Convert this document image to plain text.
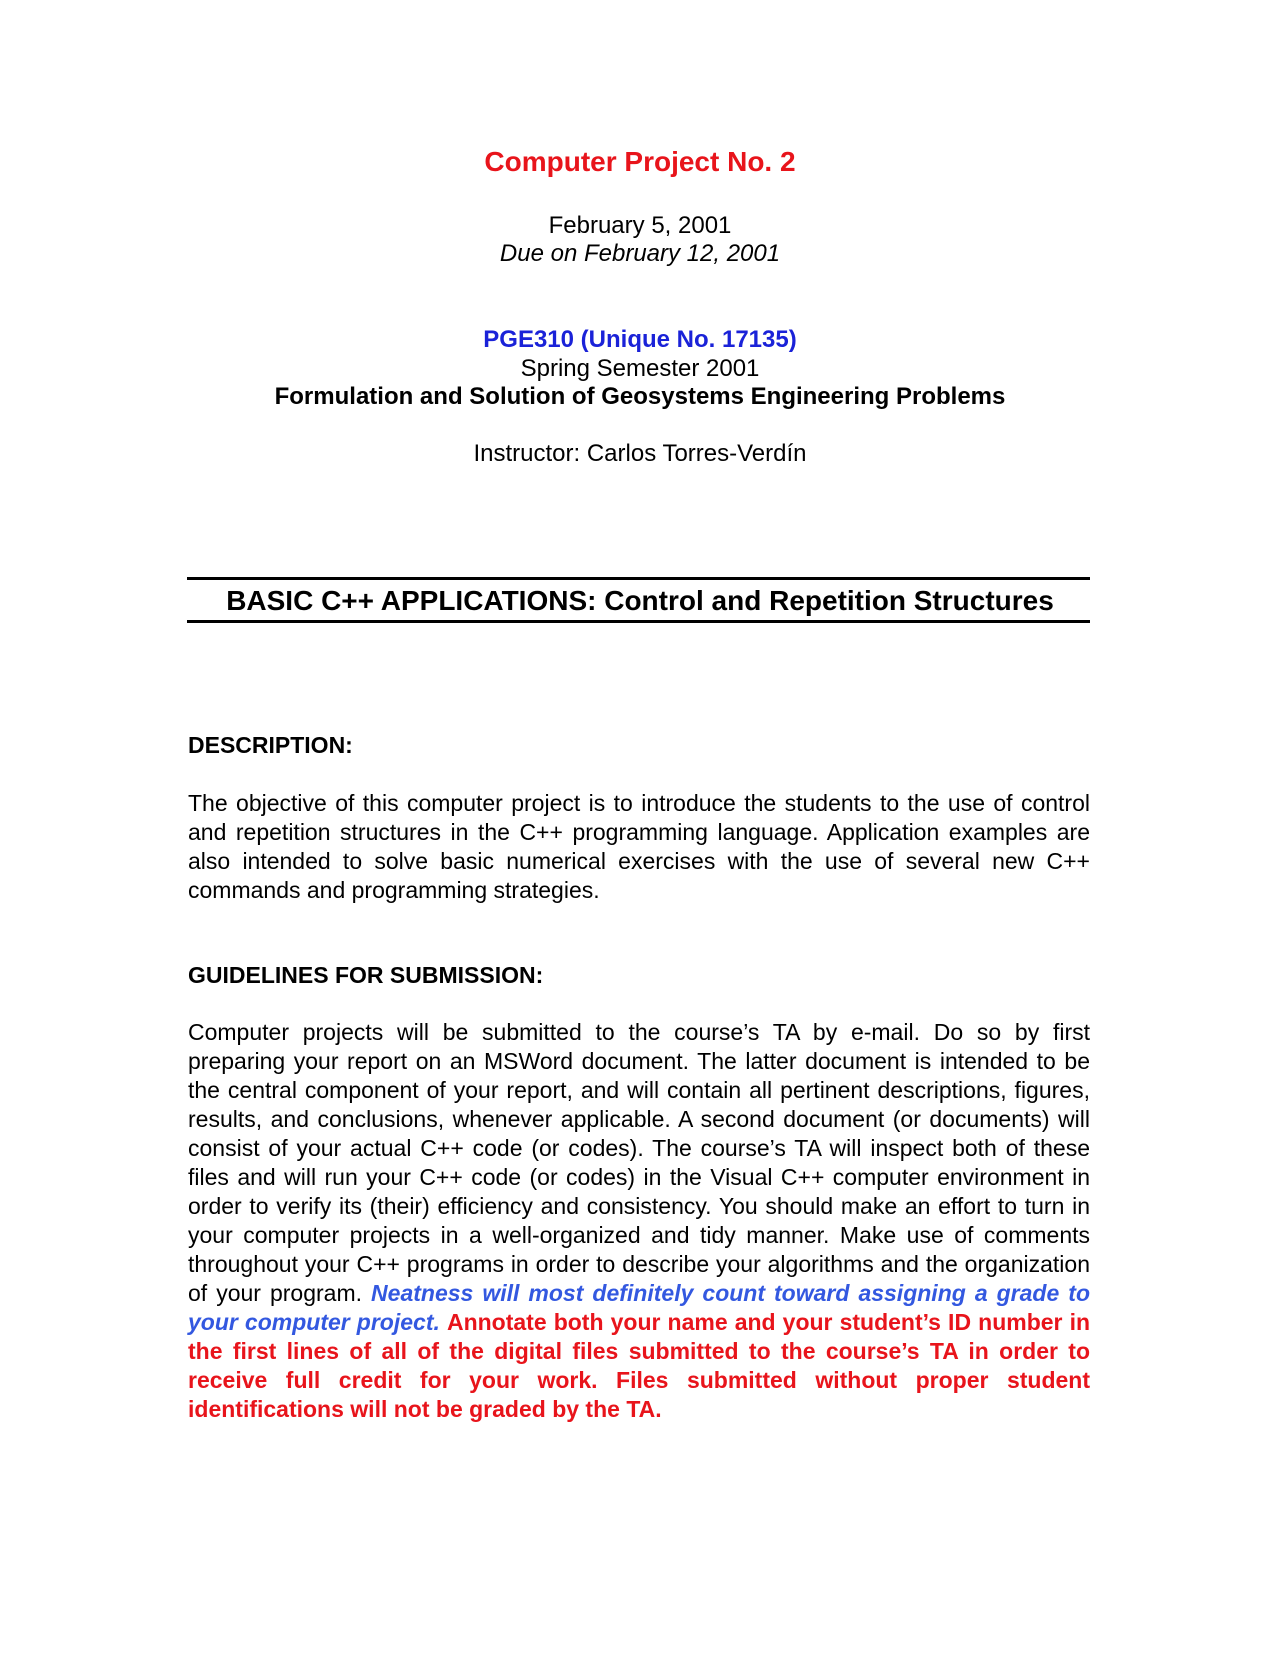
Computer Project No. 2
February 5, 2001
Due on February 12, 2001
PGE310 (Unique No. 17135)
Spring Semester 2001
Formulation and Solution of Geosystems Engineering Problems
Instructor: Carlos Torres-Verdín
BASIC C++ APPLICATIONS: Control and Repetition Structures
DESCRIPTION:
The objective of this computer project is to introduce the students to the use of control and repetition structures in the C++ programming language. Application examples are also intended to solve basic numerical exercises with the use of several new C++ commands and programming strategies.
GUIDELINES FOR SUBMISSION:
Computer projects will be submitted to the course’s TA by e-mail. Do so by first preparing your report on an MSWord document. The latter document is intended to be the central component of your report, and will contain all pertinent descriptions, figures, results, and conclusions, whenever applicable. A second document (or documents) will consist of your actual C++ code (or codes). The course’s TA will inspect both of these files and will run your C++ code (or codes) in the Visual C++ computer environment in order to verify its (their) efficiency and consistency. You should make an effort to turn in your computer projects in a well-organized and tidy manner. Make use of comments throughout your C++ programs in order to describe your algorithms and the organization of your program. Neatness will most definitely count toward assigning a grade to your computer project. Annotate both your name and your student’s ID number in the first lines of all of the digital files submitted to the course’s TA in order to receive full credit for your work. Files submitted without proper student identifications will not be graded by the TA.
